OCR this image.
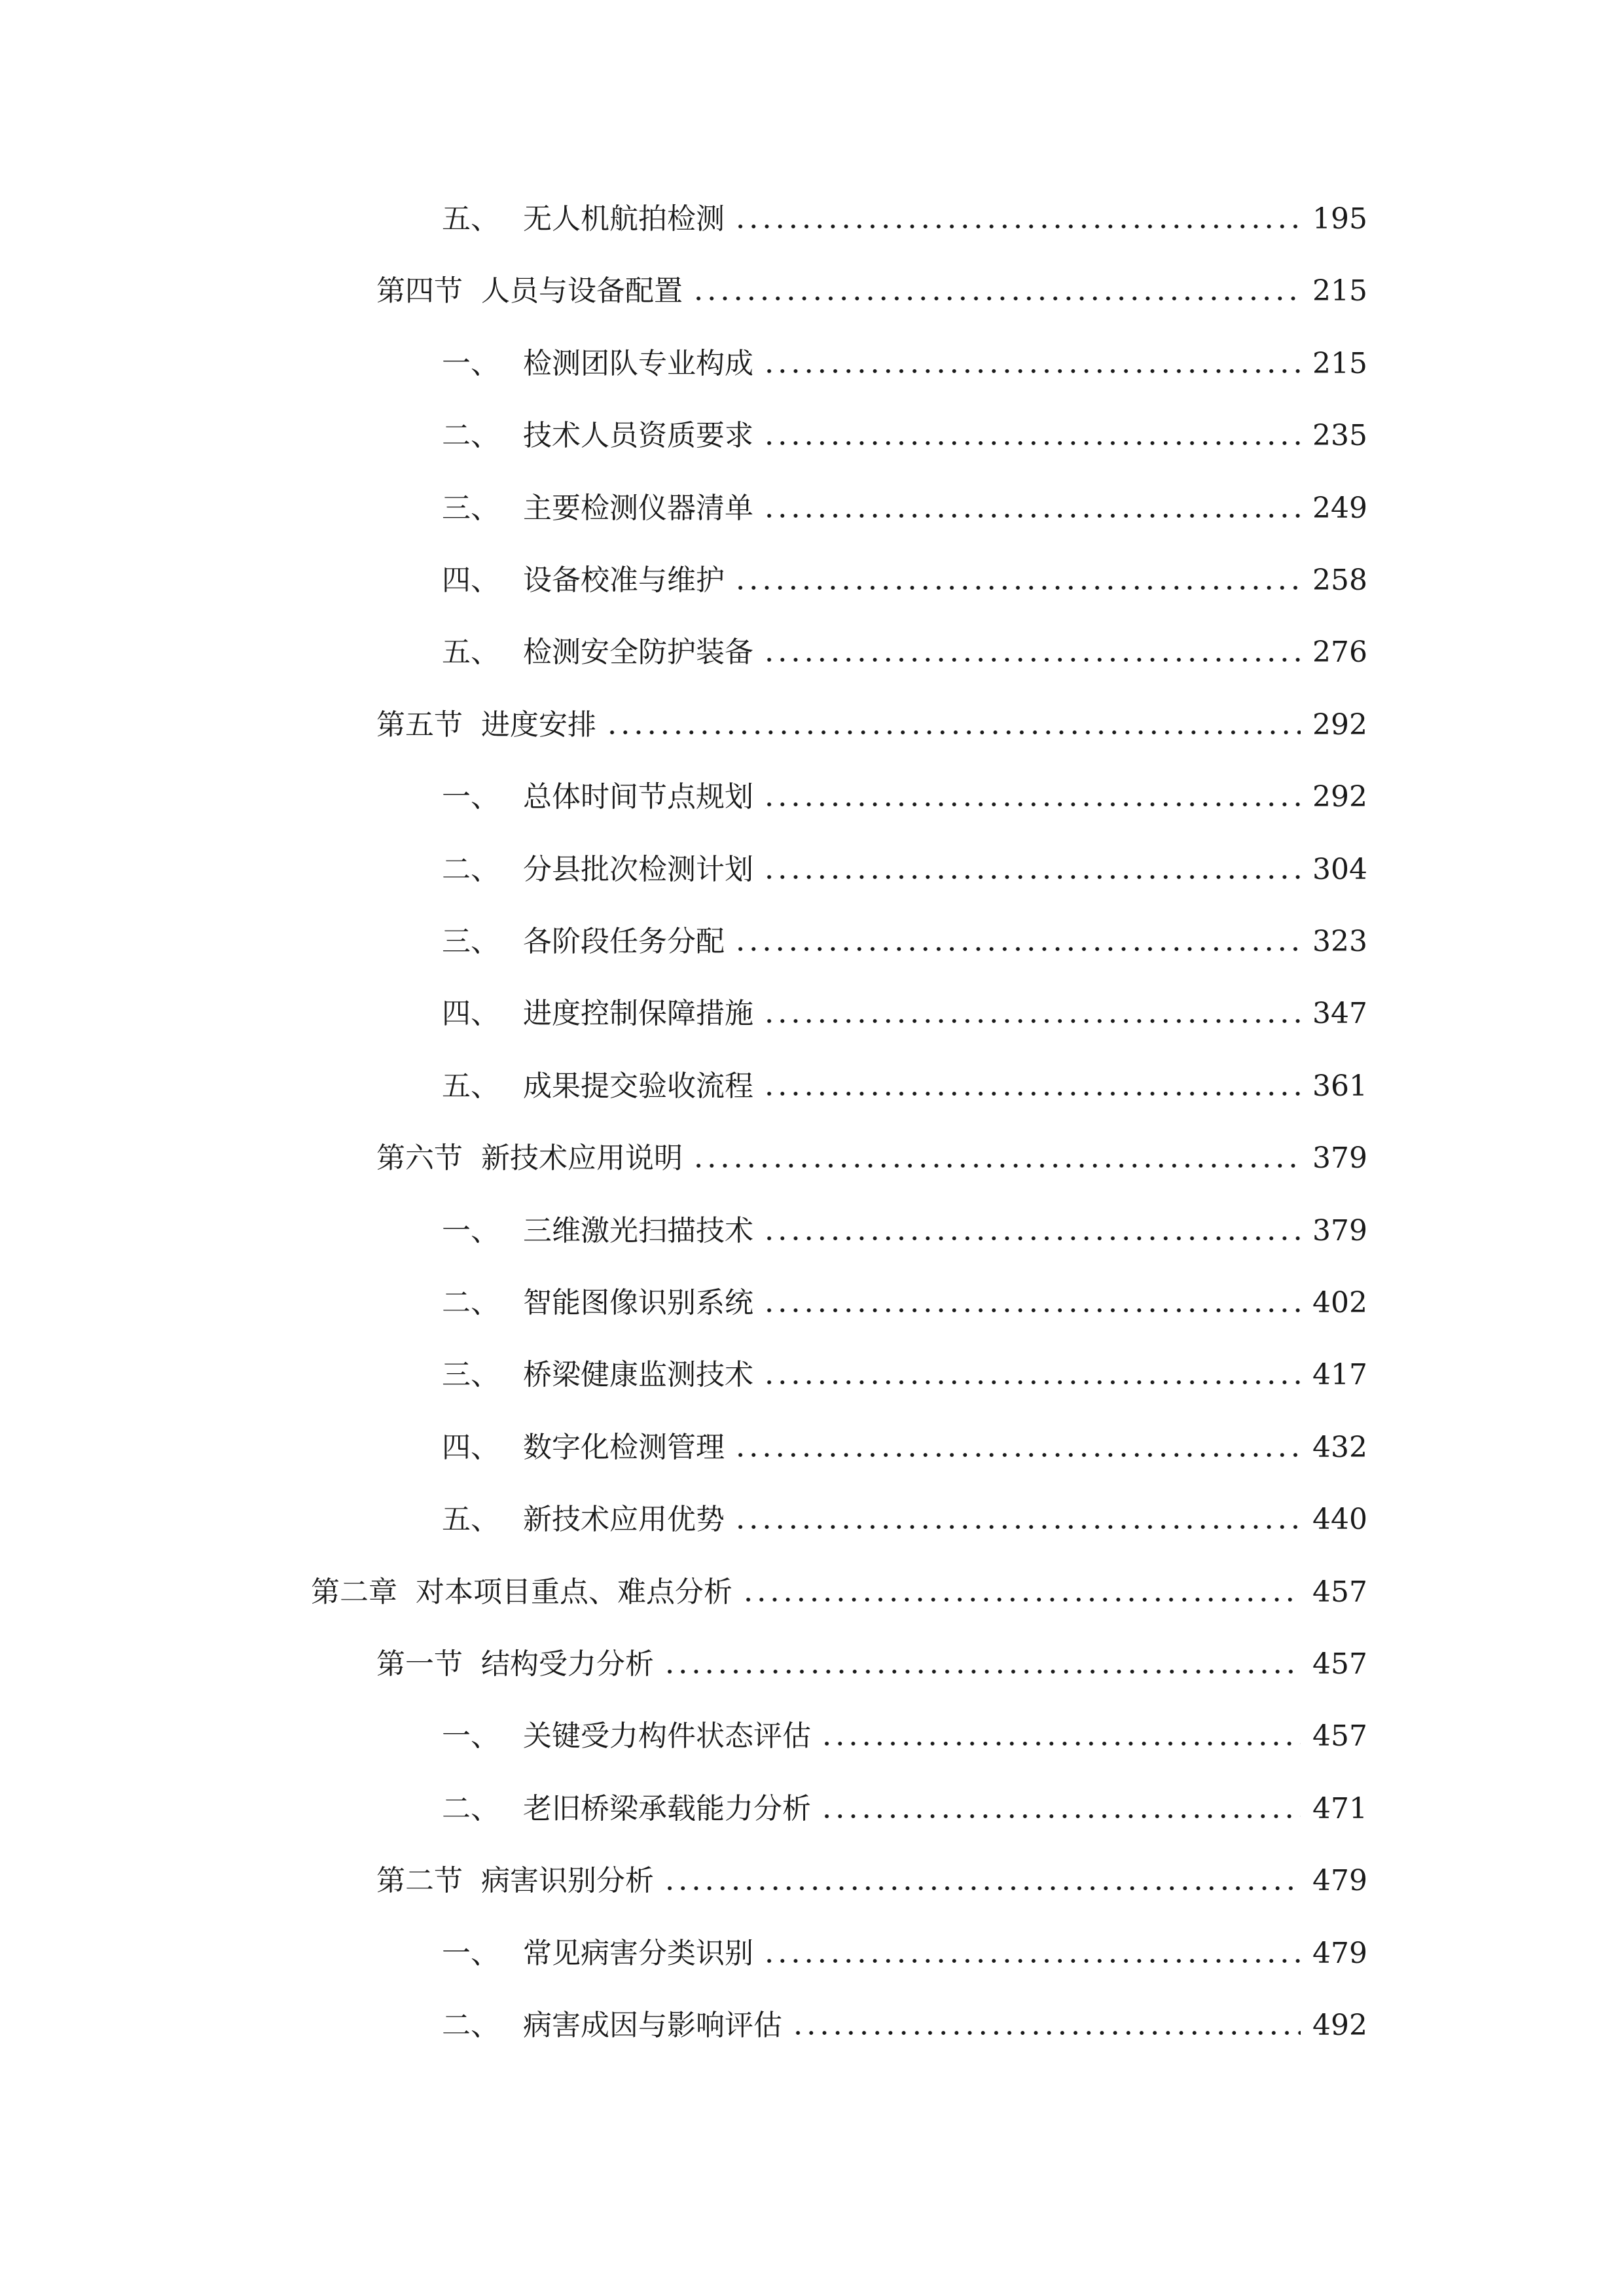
五、 无人机航拍检测	195
第四节 人员与设备配置	215
一、 检测团队专业构成	215
二、 技术人员资质要求	235
三、 主要检测仪器清单	249
四、 设备校准与维护	258
五、 检测安全防护装备	276
第五节 进度安排	292
一、 总体时间节点规划	292
二、 分县批次检测计划	304
三、 各阶段任务分配	323
四、 进度控制保障措施	347
五、 成果提交验收流程	361
第六节 新技术应用说明	379
一、 三维激光扫描技术	379
二、 智能图像识别系统	402
三、 桥梁健康监测技术	417
四、 数字化检测管理	432
五、 新技术应用优势	440
第二章 对本项目重点、难点分析	457
第一节 结构受力分析	457
一、 关键受力构件状态评估	457
二、 老旧桥梁承载能力分析	471
第二节 病害识别分析	479
一、 常见病害分类识别	479
二、 病害成因与影响评估	492
